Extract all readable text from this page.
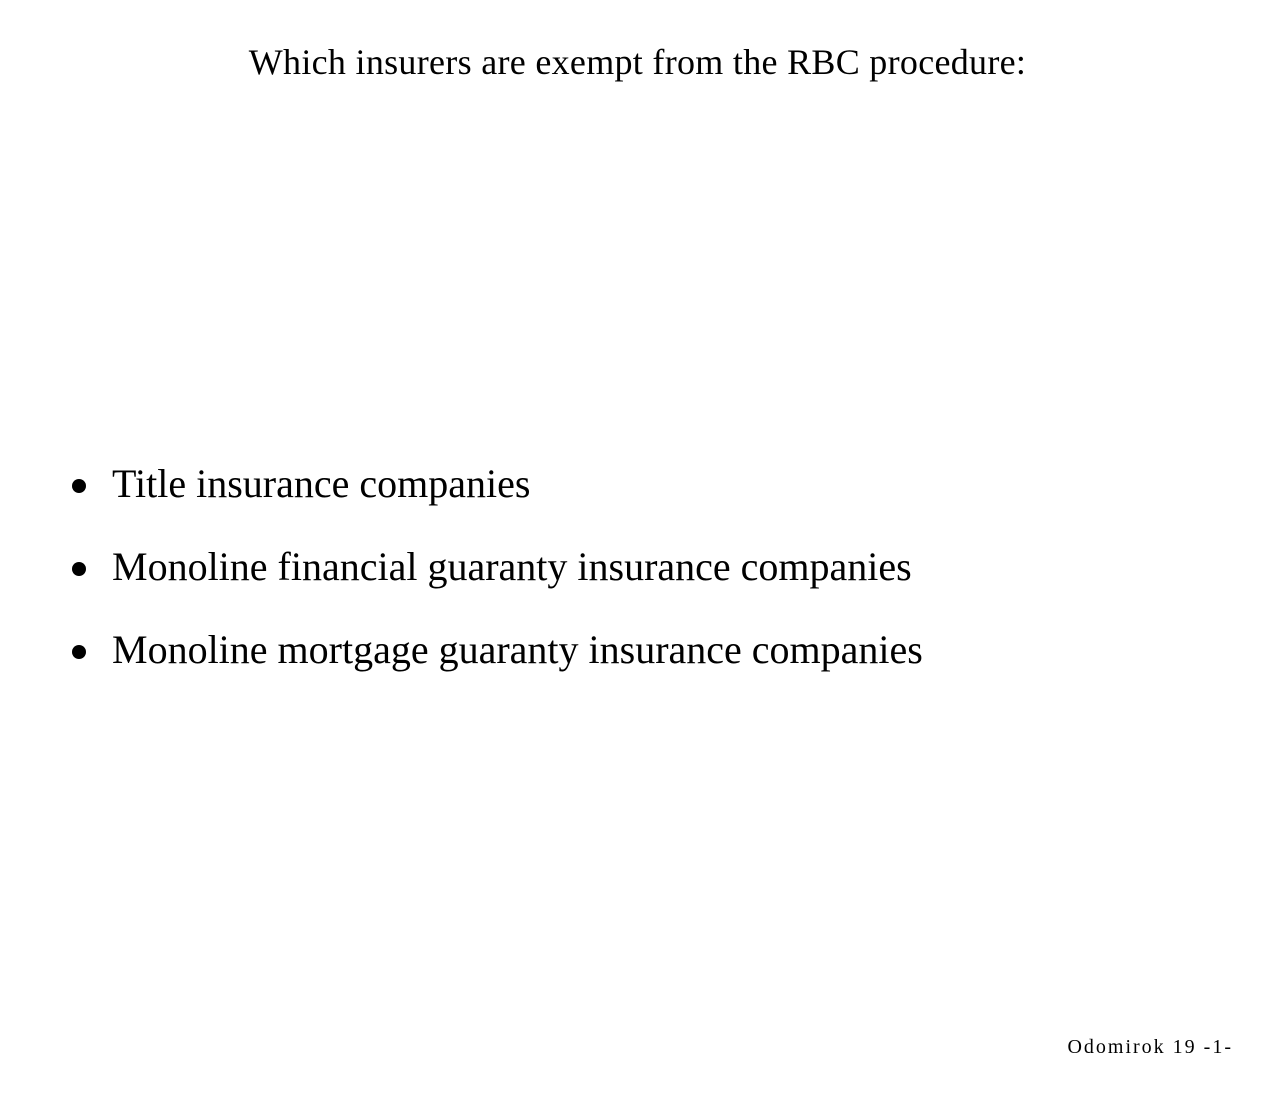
Which insurers are exempt from the RBC procedure:
Title insurance companies
Monoline financial guaranty insurance companies
Monoline mortgage guaranty insurance companies
Odomirok 19 -1-
